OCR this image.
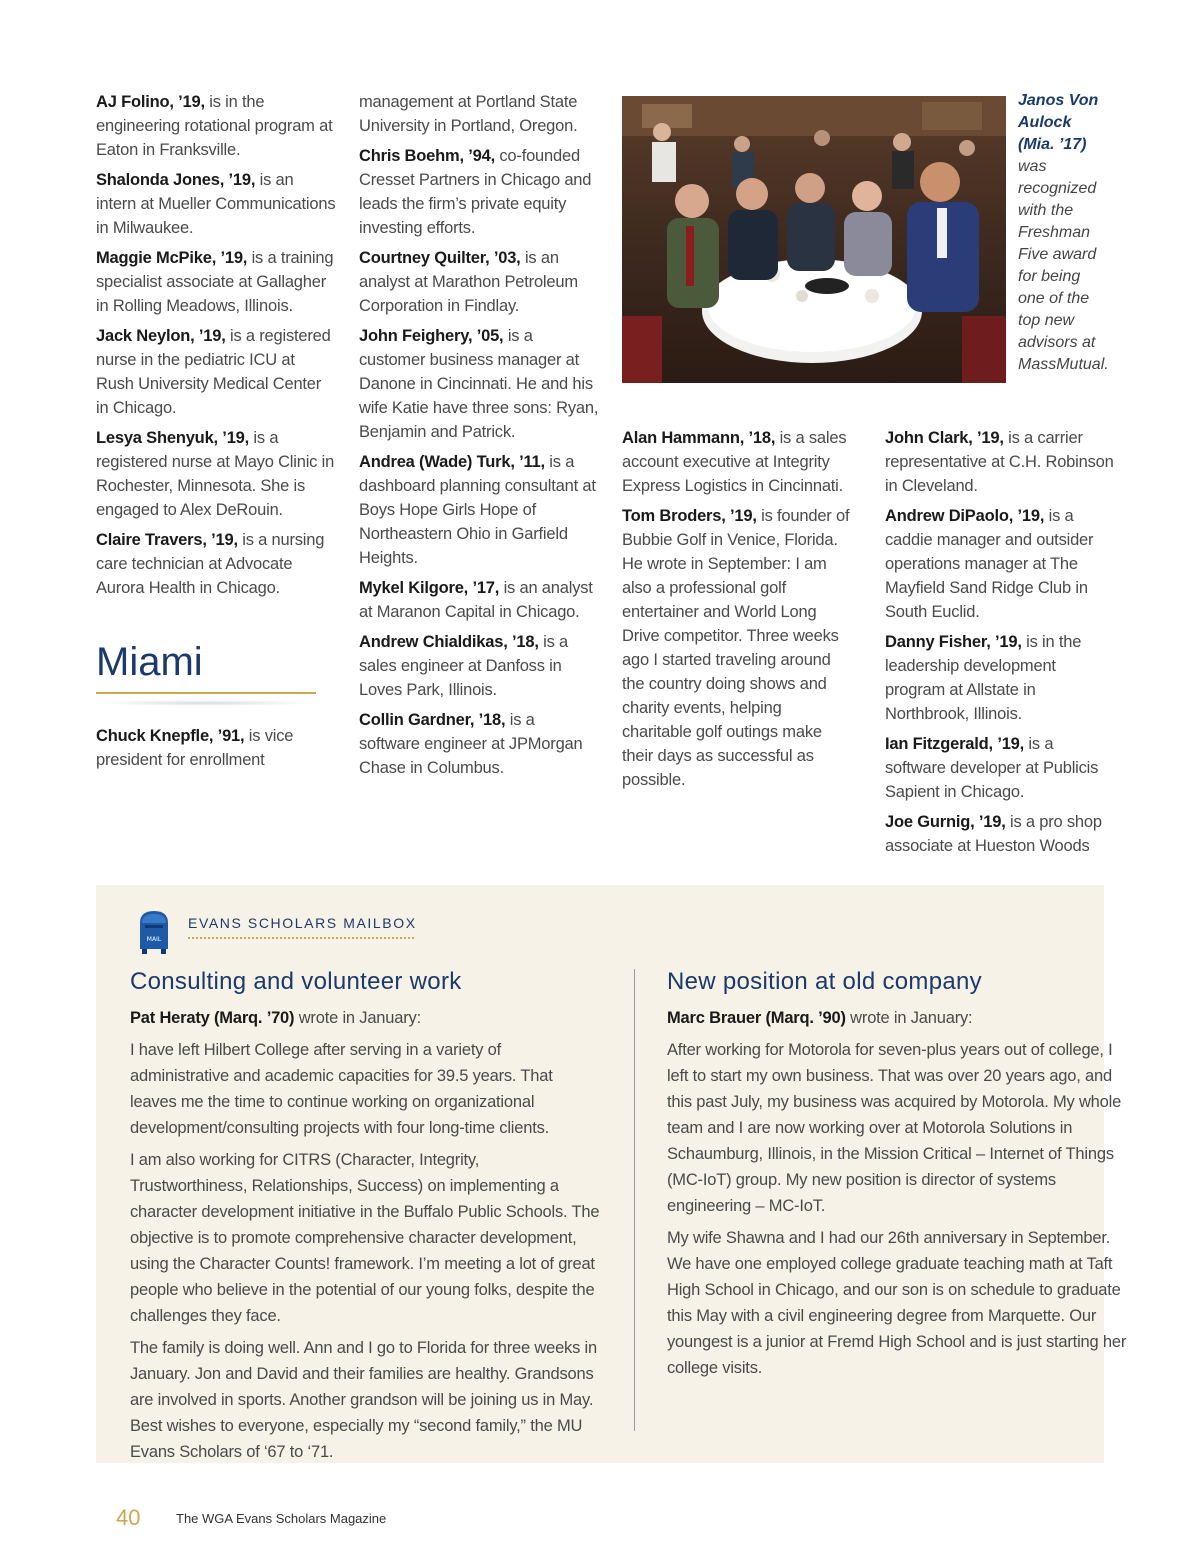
AJ Folino, ’19, is in the engineering rotational program at Eaton in Franksville.

Shalonda Jones, ’19, is an intern at Mueller Communications in Milwaukee.

Maggie McPike, ’19, is a training specialist associate at Gallagher in Rolling Meadows, Illinois.

Jack Neylon, ’19, is a registered nurse in the pediatric ICU at Rush University Medical Center in Chicago.

Lesya Shenyuk, ’19, is a registered nurse at Mayo Clinic in Rochester, Minnesota. She is engaged to Alex DeRouin.

Claire Travers, ’19, is a nursing care technician at Advocate Aurora Health in Chicago.

Miami

Chuck Knepfle, ’91, is vice president for enrollment

management at Portland State University in Portland, Oregon.

Chris Boehm, ’94, co-founded Cresset Partners in Chicago and leads the firm’s private equity investing efforts.

Courtney Quilter, ’03, is an analyst at Marathon Petroleum Corporation in Findlay.

John Feighery, ’05, is a customer business manager at Danone in Cincinnati. He and his wife Katie have three sons: Ryan, Benjamin and Patrick.

Andrea (Wade) Turk, ’11, is a dashboard planning consultant at Boys Hope Girls Hope of Northeastern Ohio in Garfield Heights.

Mykel Kilgore, ’17, is an analyst at Maranon Capital in Chicago.

Andrew Chialdikas, ’18, is a sales engineer at Danfoss in Loves Park, Illinois.

Collin Gardner, ’18, is a software engineer at JPMorgan Chase in Columbus.

Janos Von Aulock (Mia. ’17) was recognized with the Freshman Five award for being one of the top new advisors at MassMutual.

Alan Hammann, ’18, is a sales account executive at Integrity Express Logistics in Cincinnati.

Tom Broders, ’19, is founder of Bubbie Golf in Venice, Florida. He wrote in September: I am also a professional golf entertainer and World Long Drive competitor. Three weeks ago I started traveling around the country doing shows and charity events, helping charitable golf outings make their days as successful as possible.

John Clark, ’19, is a carrier representative at C.H. Robinson in Cleveland.

Andrew DiPaolo, ’19, is a caddie manager and outsider operations manager at The Mayfield Sand Ridge Club in South Euclid.

Danny Fisher, ’19, is in the leadership development program at Allstate in Northbrook, Illinois.

Ian Fitzgerald, ’19, is a software developer at Publicis Sapient in Chicago.

Joe Gurnig, ’19, is a pro shop associate at Hueston Woods

MAIL
EVANS SCHOLARS MAILBOX
Consulting and volunteer work

Pat Heraty (Marq. ’70) wrote in January:

I have left Hilbert College after serving in a variety of administrative and academic capacities for 39.5 years. That leaves me the time to continue working on organizational development/consulting projects with four long-time clients.

I am also working for CITRS (Character, Integrity, Trustworthiness, Relationships, Success) on implementing a character development initiative in the Buffalo Public Schools. The objective is to promote comprehensive character development, using the Character Counts! framework. I’m meeting a lot of great people who believe in the potential of our young folks, despite the challenges they face.

The family is doing well. Ann and I go to Florida for three weeks in January. Jon and David and their families are healthy. Grandsons are involved in sports. Another grandson will be joining us in May. Best wishes to everyone, especially my “second family,” the MU Evans Scholars of ‘67 to ‘71.

New position at old company

Marc Brauer (Marq. ’90) wrote in January:

After working for Motorola for seven-plus years out of college, I left to start my own business. That was over 20 years ago, and this past July, my business was acquired by Motorola. My whole team and I are now working over at Motorola Solutions in Schaumburg, Illinois, in the Mission Critical – Internet of Things (MC-IoT) group. My new position is director of systems engineering – MC-IoT.

My wife Shawna and I had our 26th anniversary in September. We have one employed college graduate teaching math at Taft High School in Chicago, and our son is on schedule to graduate this May with a civil engineering degree from Marquette. Our youngest is a junior at Fremd High School and is just starting her college visits.

40	The WGA Evans Scholars Magazine
